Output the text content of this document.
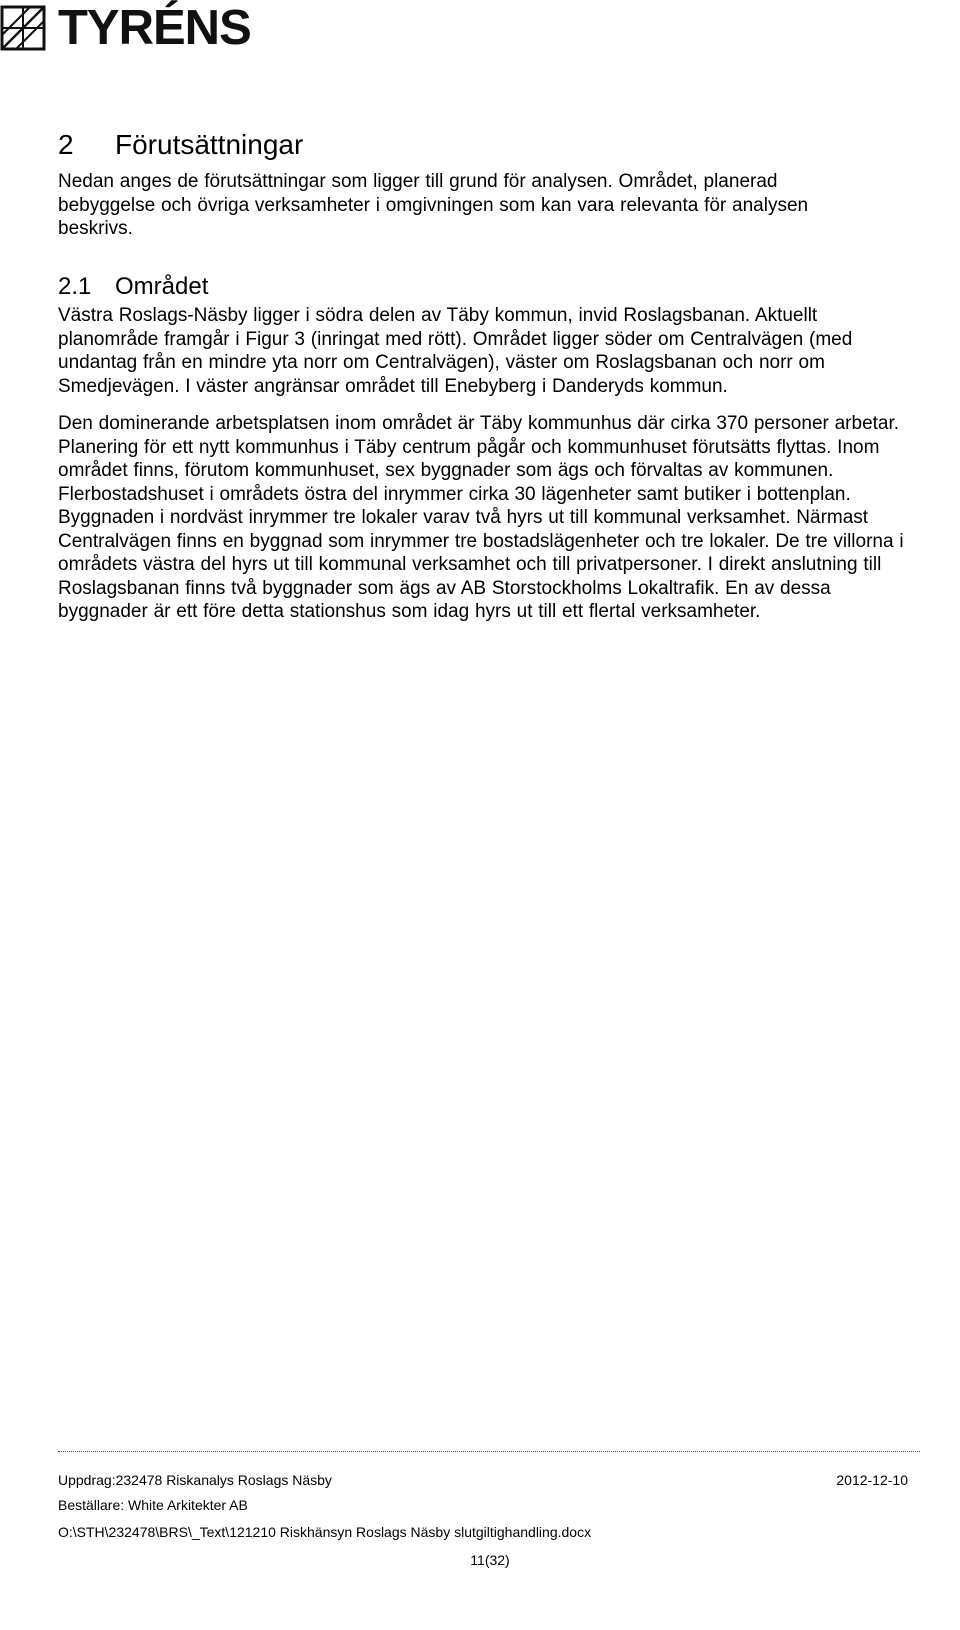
TYRÉNS
2 Förutsättningar

Nedan anges de förutsättningar som ligger till grund för analysen. Området, planerad bebyggelse och övriga verksamheter i omgivningen som kan vara relevanta för analysen beskrivs.

2.1 Området

Västra Roslags-Näsby ligger i södra delen av Täby kommun, invid Roslagsbanan. Aktuellt planområde framgår i Figur 3 (inringat med rött). Området ligger söder om Centralvägen (med undantag från en mindre yta norr om Centralvägen), väster om Roslagsbanan och norr om Smedjevägen. I väster angränsar området till Enebyberg i Danderyds kommun.

Den dominerande arbetsplatsen inom området är Täby kommunhus där cirka 370 personer arbetar. Planering för ett nytt kommunhus i Täby centrum pågår och kommunhuset förutsätts flyttas. Inom området finns, förutom kommunhuset, sex byggnader som ägs och förvaltas av kommunen. Flerbostadshuset i områdets östra del inrymmer cirka 30 lägenheter samt butiker i bottenplan. Byggnaden i nordväst inrymmer tre lokaler varav två hyrs ut till kommunal verksamhet. Närmast Centralvägen finns en byggnad som inrymmer tre bostadslägenheter och tre lokaler. De tre villorna i områdets västra del hyrs ut till kommunal verksamhet och till privatpersoner. I direkt anslutning till Roslagsbanan finns två byggnader som ägs av AB Storstockholms Lokaltrafik. En av dessa byggnader är ett före detta stationshus som idag hyrs ut till ett flertal verksamheter.

Uppdrag:232478 Riskanalys Roslags Näsby	2012-12-10
Beställare: White Arkitekter AB
O:\STH\232478\BRS\_Text\121210 Riskhänsyn Roslags Näsby slutgiltighandling.docx
11(32)
